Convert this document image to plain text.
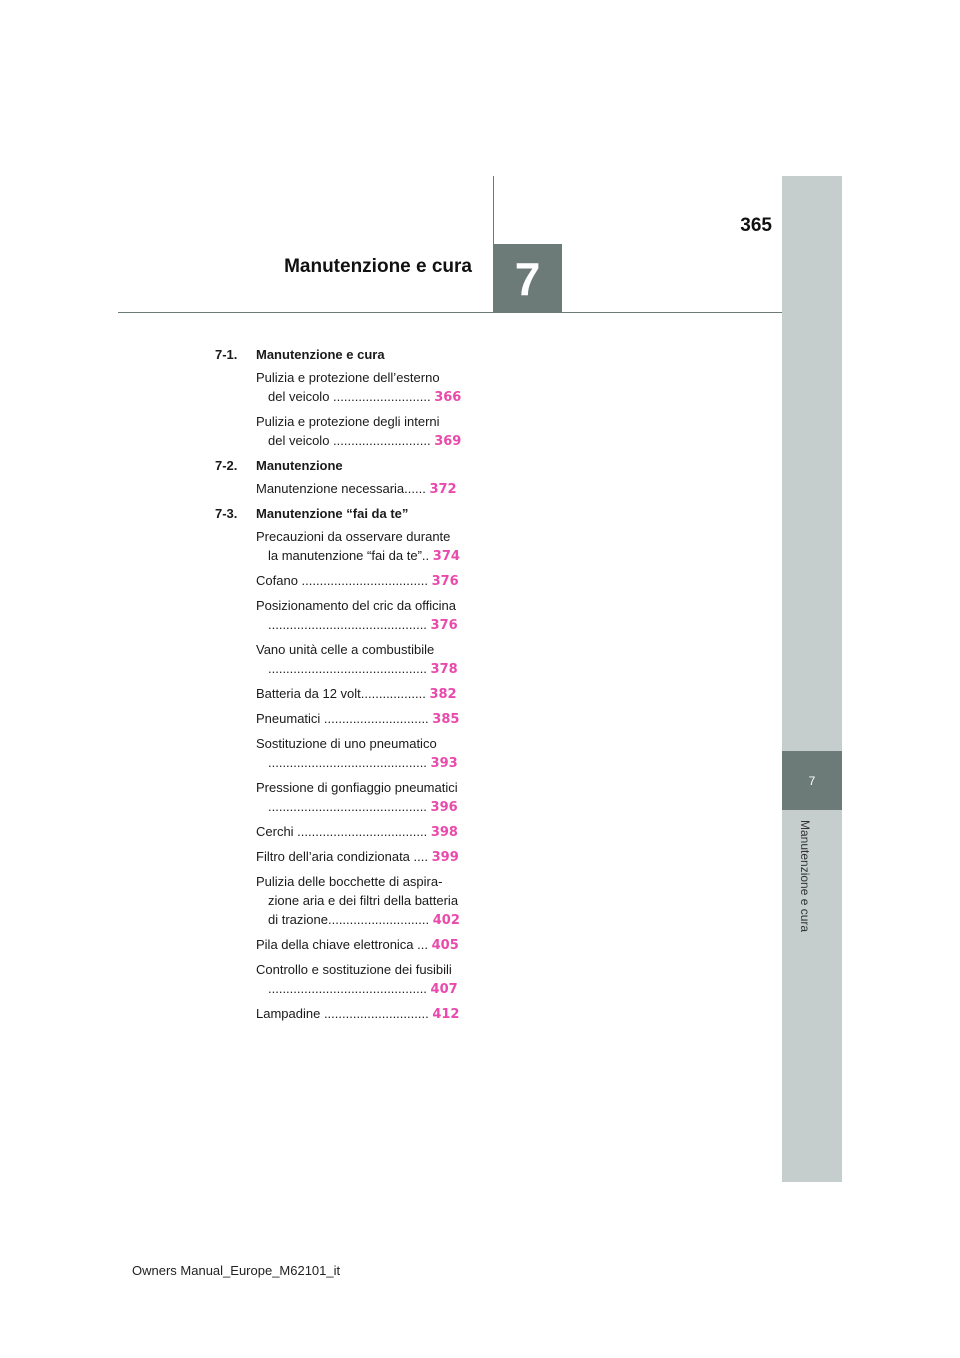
7
Manutenzione e cura
7
365
Manutenzione e cura
7-1.	Manutenzione e cura
Pulizia e protezione dell’esterno
del veicolo ........................... 366
Pulizia e protezione degli interni
del veicolo ........................... 369
7-2.	Manutenzione
Manutenzione necessaria...... 372
7-3.	Manutenzione “fai da te”
Precauzioni da osservare durante
la manutenzione “fai da te”.. 374
Cofano ................................... 376
Posizionamento del cric da officina
............................................ 376
Vano unità celle a combustibile
............................................ 378
Batteria da 12 volt.................. 382
Pneumatici ............................. 385
Sostituzione di uno pneumatico
............................................ 393
Pressione di gonfiaggio pneumatici
............................................ 396
Cerchi .................................... 398
Filtro dell’aria condizionata .... 399
Pulizia delle bocchette di aspira-
zione aria e dei filtri della batteria
di trazione............................ 402
Pila della chiave elettronica ... 405
Controllo e sostituzione dei fusibili
............................................ 407
Lampadine ............................. 412
Owners Manual_Europe_M62101_it
